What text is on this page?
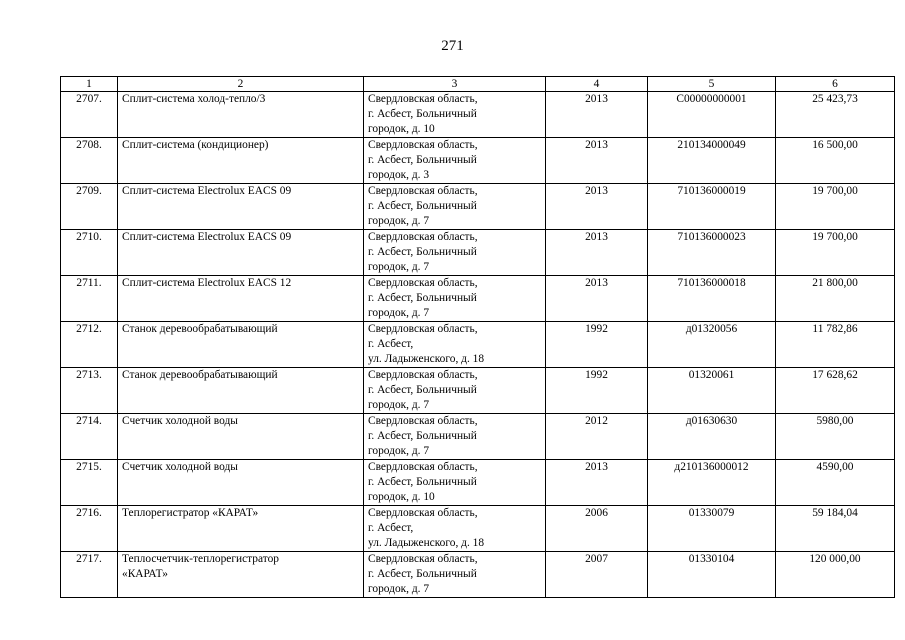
271
1	2	3	4	5	6
2707.	Сплит-система холод-тепло/3	Свердловская область,
г. Асбест, Больничный
городок, д. 10	2013	С00000000001	25 423,73
2708.	Сплит-система (кондиционер)	Свердловская область,
г. Асбест, Больничный
городок, д. 3	2013	210134000049	16 500,00
2709.	Сплит-система Electrolux EACS 09	Свердловская область,
г. Асбест, Больничный
городок, д. 7	2013	710136000019	19 700,00
2710.	Сплит-система Electrolux EACS 09	Свердловская область,
г. Асбест, Больничный
городок, д. 7	2013	710136000023	19 700,00
2711.	Сплит-система Electrolux EACS 12	Свердловская область,
г. Асбест, Больничный
городок, д. 7	2013	710136000018	21 800,00
2712.	Станок деревообрабатывающий	Свердловская область,
г. Асбест,
ул. Ладыженского, д. 18	1992	д01320056	11 782,86
2713.	Станок деревообрабатывающий	Свердловская область,
г. Асбест, Больничный
городок, д. 7	1992	01320061	17 628,62
2714.	Счетчик холодной воды	Свердловская область,
г. Асбест, Больничный
городок, д. 7	2012	д01630630	5980,00
2715.	Счетчик холодной воды	Свердловская область,
г. Асбест, Больничный
городок, д. 10	2013	д210136000012	4590,00
2716.	Теплорегистратор «КАРАТ»	Свердловская область,
г. Асбест,
ул. Ладыженского, д. 18	2006	01330079	59 184,04
2717.	Теплосчетчик-теплорегистратор
«КАРАТ»	Свердловская область,
г. Асбест, Больничный
городок, д. 7	2007	01330104	120 000,00
